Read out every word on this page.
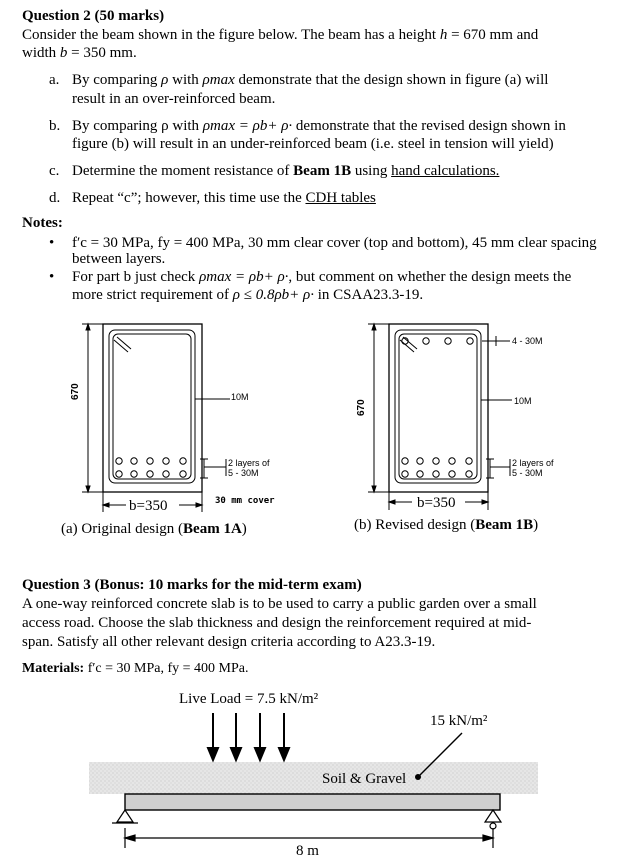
Question 2 (50 marks)
Consider the beam shown in the figure below. The beam has a height h = 670 mm and
width b = 350 mm.
a. By comparing ρ with ρmax demonstrate that the design shown in figure (a) will
result in an over-reinforced beam.
b. By comparing ρ with ρmax = ρb+ ρ· demonstrate that the revised design shown in
figure (b) will result in an under-reinforced beam (i.e. steel in tension will yield)
c. Determine the moment resistance of Beam 1B using hand calculations.
d. Repeat “c”; however, this time use the CDH tables
Notes:
• f′c = 30 MPa, fy = 400 MPa, 30 mm clear cover (top and bottom), 45 mm clear spacing
between layers.
• For part b just check ρmax = ρb+ ρ·, but comment on whether the design meets the
more strict requirement of ρ ≤ 0.8ρb+ ρ· in CSAA23.3-19.
670	10M
2 layers of
5 - 30M
b=350	30 mm cover
(a) Original design (Beam 1A)
670
4 - 30M
10M
2 layers of
5 - 30M
b=350
(b) Revised design (Beam 1B)
Question 3 (Bonus: 10 marks for the mid-term exam)
A one-way reinforced concrete slab is to be used to carry a public garden over a small
access road. Choose the slab thickness and design the reinforcement required at mid-
span. Satisfy all other relevant design criteria according to A23.3-19.
Materials: f′c = 30 MPa, fy = 400 MPa.
Live Load = 7.5 kN/m²
15 kN/m²
Soil & Gravel
8 m
